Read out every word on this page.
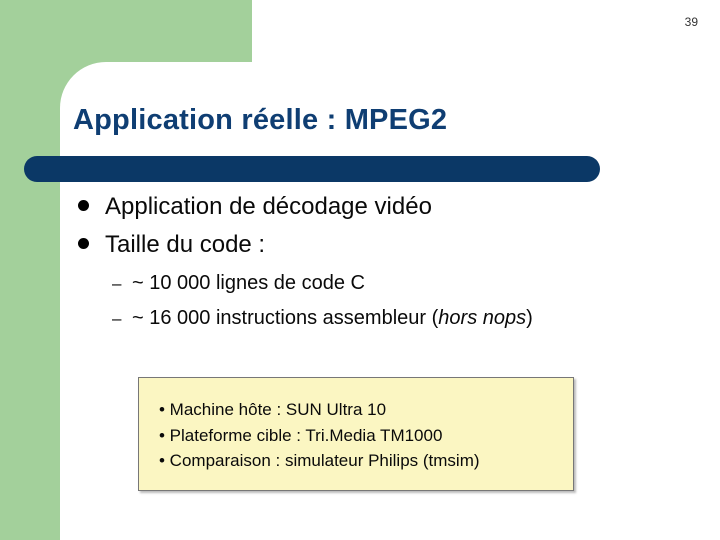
39
Application réelle : MPEG2
Application de décodage vidéo
Taille du code :
– ~ 10 000 lignes de code C
– ~ 16 000 instructions assembleur (hors nops)
• Machine hôte : SUN Ultra 10
• Plateforme cible : Tri.Media TM1000
• Comparaison : simulateur Philips (tmsim)
